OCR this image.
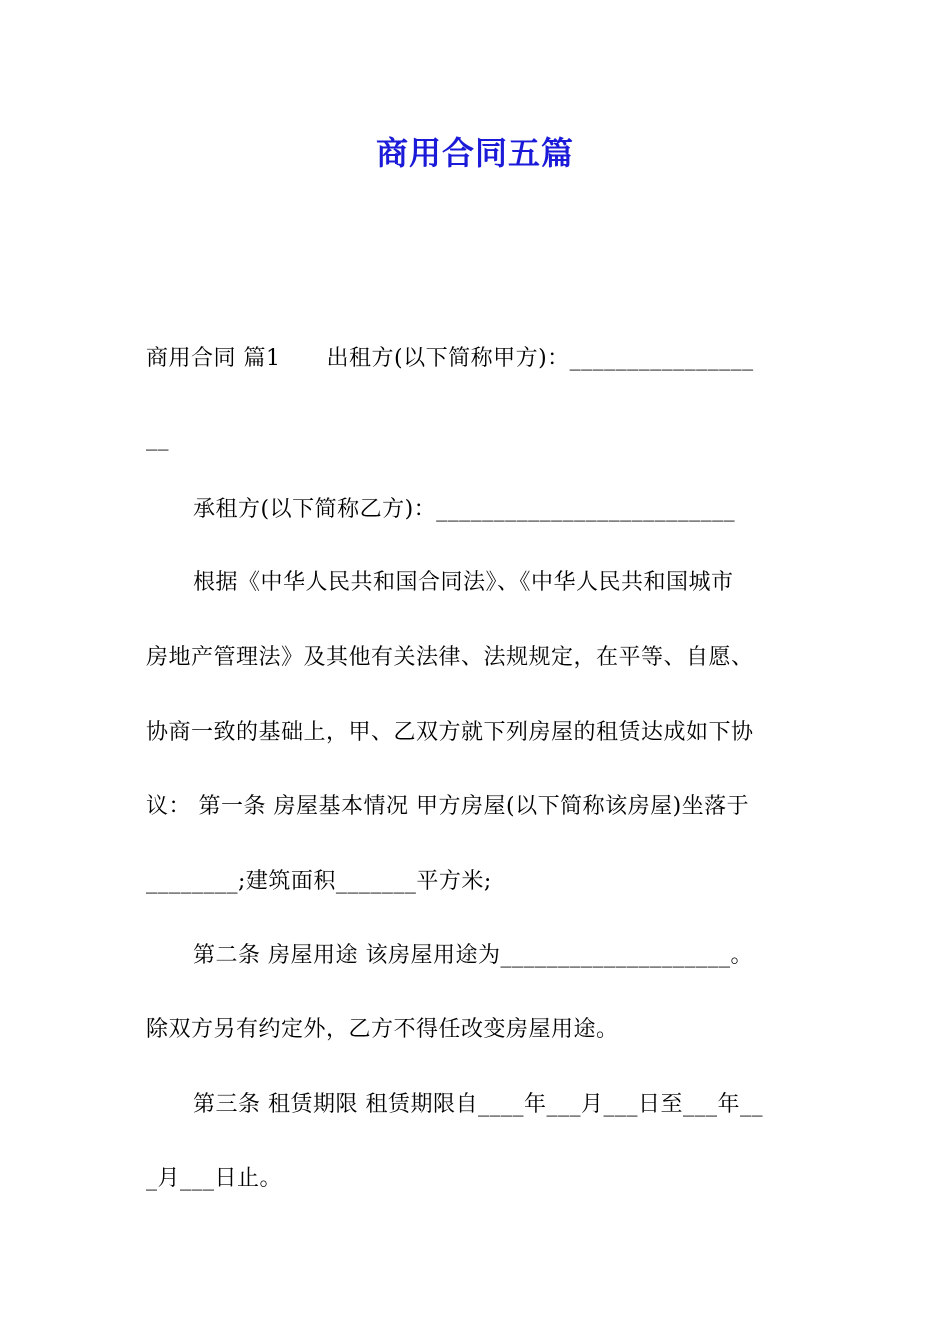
商用合同五篇
商用合同 篇1 出租方(以下简称甲方)：________________
__
承租方(以下简称乙方)：__________________________
根据《中华人民共和国合同法》、《中华人民共和国城市
房地产管理法》及其他有关法律、法规规定，在平等、自愿、
协商一致的基础上，甲、乙双方就下列房屋的租赁达成如下协
议： 第一条 房屋基本情况 甲方房屋(以下简称该房屋)坐落于
________;建筑面积_______平方米;
第二条 房屋用途 该房屋用途为____________________。
除双方另有约定外，乙方不得任改变房屋用途。
第三条 租赁期限 租赁期限自____年___月___日至___年__
_月___日止。
